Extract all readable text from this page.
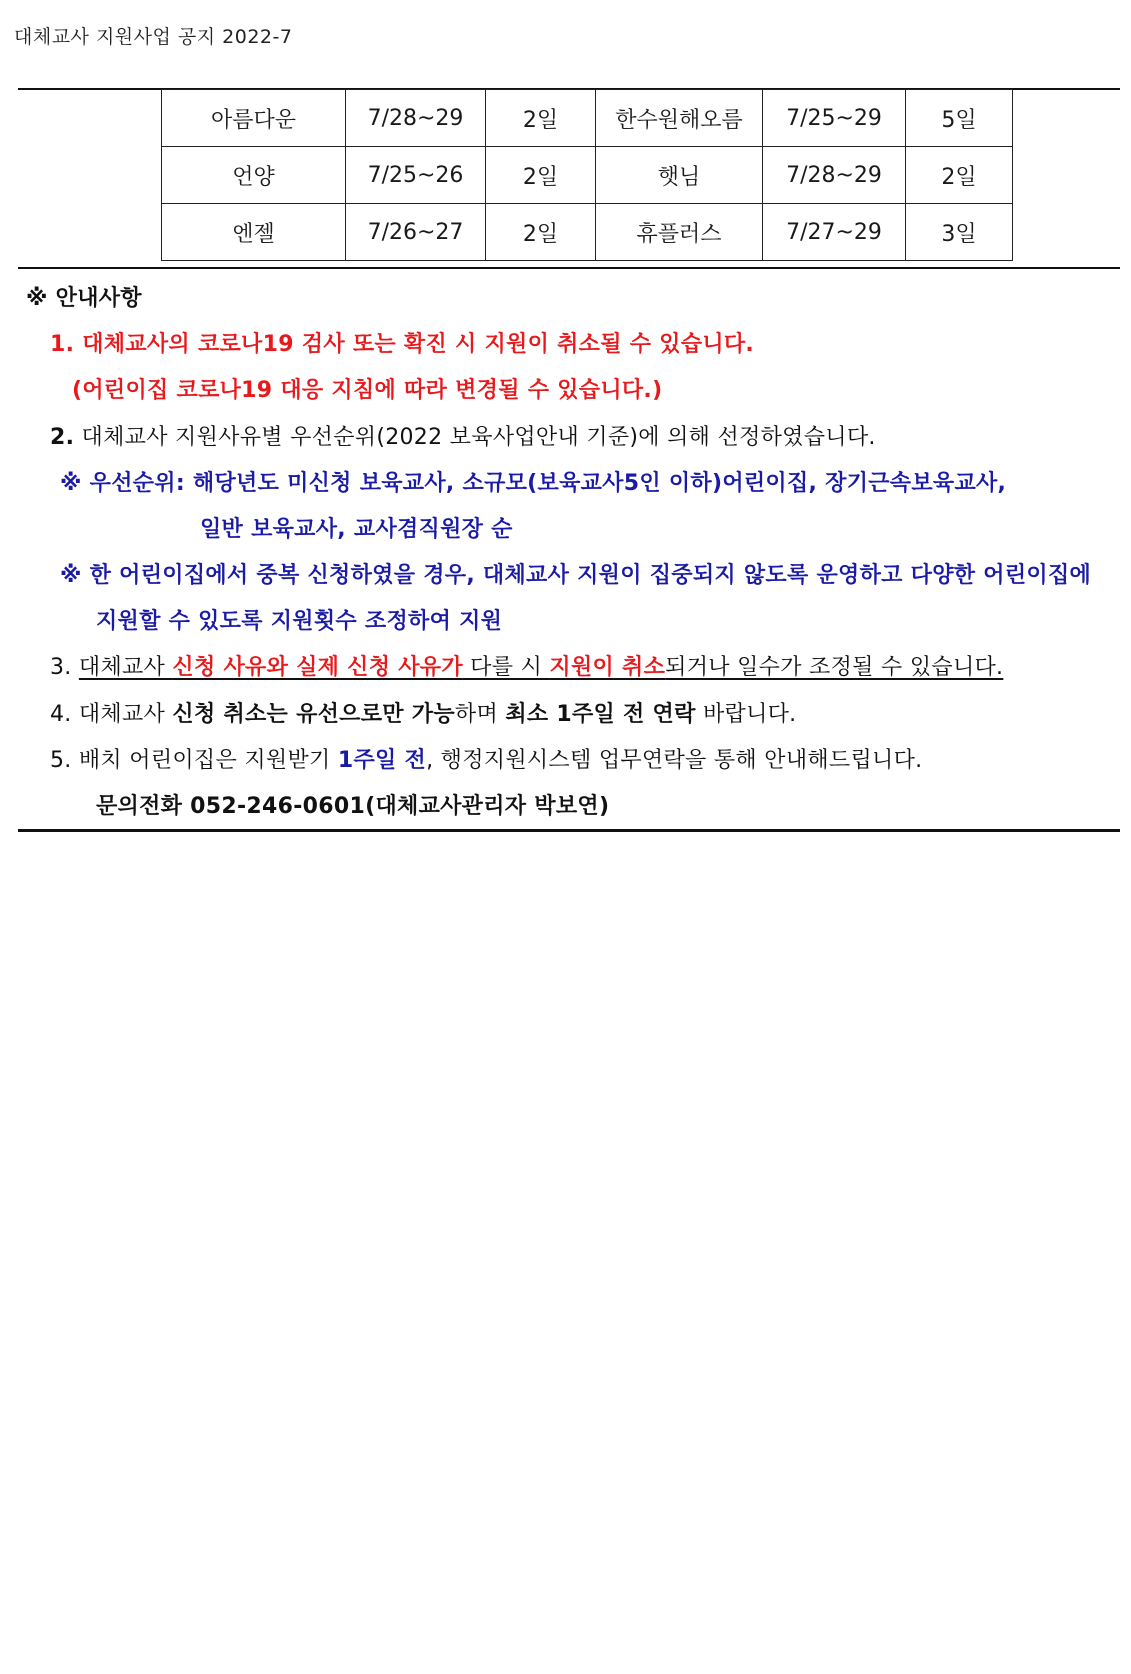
대체교사 지원사업 공지 2022-7
아름다운	7/28~29	2일	한수원해오름	7/25~29	5일
언양	7/25~26	2일	햇님	7/28~29	2일
엔젤	7/26~27	2일	휴플러스	7/27~29	3일
※ 안내사항
1. 대체교사의 코로나19 검사 또는 확진 시 지원이 취소될 수 있습니다.
(어린이집 코로나19 대응 지침에 따라 변경될 수 있습니다.)
2. 대체교사 지원사유별 우선순위(2022 보육사업안내 기준)에 의해 선정하였습니다.
※ 우선순위: 해당년도 미신청 보육교사, 소규모(보육교사5인 이하)어린이집, 장기근속보육교사,
일반 보육교사, 교사겸직원장 순
※ 한 어린이집에서 중복 신청하였을 경우, 대체교사 지원이 집중되지 않도록 운영하고 다양한 어린이집에
지원할 수 있도록 지원횟수 조정하여 지원
3. 대체교사 신청 사유와 실제 신청 사유가 다를 시 지원이 취소되거나 일수가 조정될 수 있습니다.
4. 대체교사 신청 취소는 유선으로만 가능하며 최소 1주일 전 연락 바랍니다.
5. 배치 어린이집은 지원받기 1주일 전, 행정지원시스템 업무연락을 통해 안내해드립니다.
문의전화 052-246-0601(대체교사관리자 박보연)
